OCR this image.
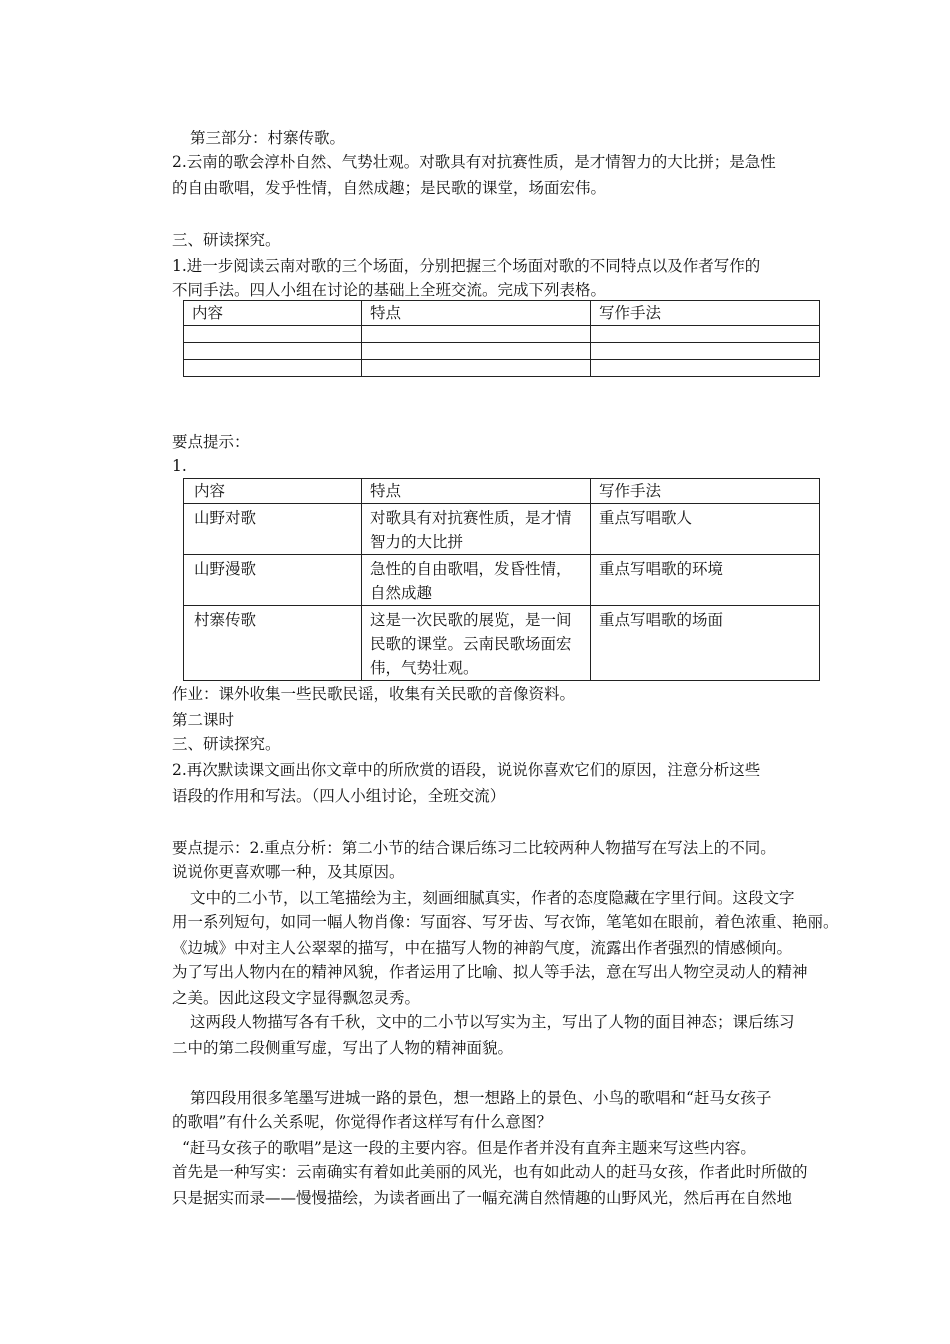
第三部分：村寨传歌。
2.云南的歌会淳朴自然、气势壮观。对歌具有对抗赛性质，是才情智力的大比拼；是急性
的自由歌唱，发乎性情，自然成趣；是民歌的课堂，场面宏伟。
三、研读探究。
1.进一步阅读云南对歌的三个场面，分别把握三个场面对歌的不同特点以及作者写作的
不同手法。四人小组在讨论的基础上全班交流。完成下列表格。
内容	特点	写作手法

要点提示：
1.
内容	特点	写作手法
山野对歌	对歌具有对抗赛性质，是才情智力的大比拼	重点写唱歌人
山野漫歌	急性的自由歌唱，发昏性情，自然成趣	重点写唱歌的环境
村寨传歌	这是一次民歌的展览，是一间民歌的课堂。云南民歌场面宏伟，气势壮观。	重点写唱歌的场面
作业：课外收集一些民歌民谣，收集有关民歌的音像资料。
第二课时
三、研读探究。
2.再次默读课文画出你文章中的所欣赏的语段，说说你喜欢它们的原因，注意分析这些
语段的作用和写法。（四人小组讨论，全班交流）
要点提示：2.重点分析：第二小节的结合课后练习二比较两种人物描写在写法上的不同。
说说你更喜欢哪一种，及其原因。
文中的二小节，以工笔描绘为主，刻画细腻真实，作者的态度隐藏在字里行间。这段文字
用一系列短句，如同一幅人物肖像：写面容、写牙齿、写衣饰，笔笔如在眼前，着色浓重、艳丽。
《边城》中对主人公翠翠的描写，中在描写人物的神韵气度，流露出作者强烈的情感倾向。
为了写出人物内在的精神风貌，作者运用了比喻、拟人等手法，意在写出人物空灵动人的精神
之美。因此这段文字显得飘忽灵秀。
这两段人物描写各有千秋，文中的二小节以写实为主，写出了人物的面目神态；课后练习
二中的第二段侧重写虚，写出了人物的精神面貌。
第四段用很多笔墨写进城一路的景色，想一想路上的景色、小鸟的歌唱和“赶马女孩子
的歌唱”有什么关系呢，你觉得作者这样写有什么意图？
“赶马女孩子的歌唱”是这一段的主要内容。但是作者并没有直奔主题来写这些内容。
首先是一种写实：云南确实有着如此美丽的风光，也有如此动人的赶马女孩，作者此时所做的
只是据实而录——慢慢描绘，为读者画出了一幅充满自然情趣的山野风光，然后再在自然地
